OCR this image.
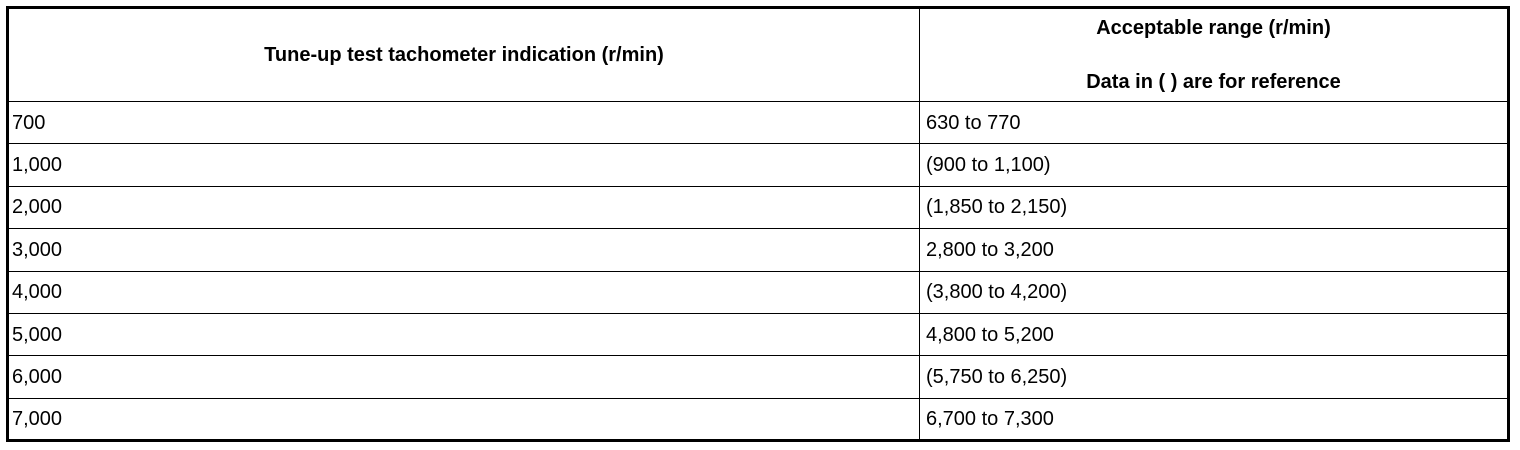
Tune-up test tachometer indication (r/min)	Acceptable range (r/min)
Data in ( ) are for reference

700	630 to 770
1,000	(900 to 1,100)
2,000	(1,850 to 2,150)
3,000	2,800 to 3,200
4,000	(3,800 to 4,200)
5,000	4,800 to 5,200
6,000	(5,750 to 6,250)
7,000	6,700 to 7,300
